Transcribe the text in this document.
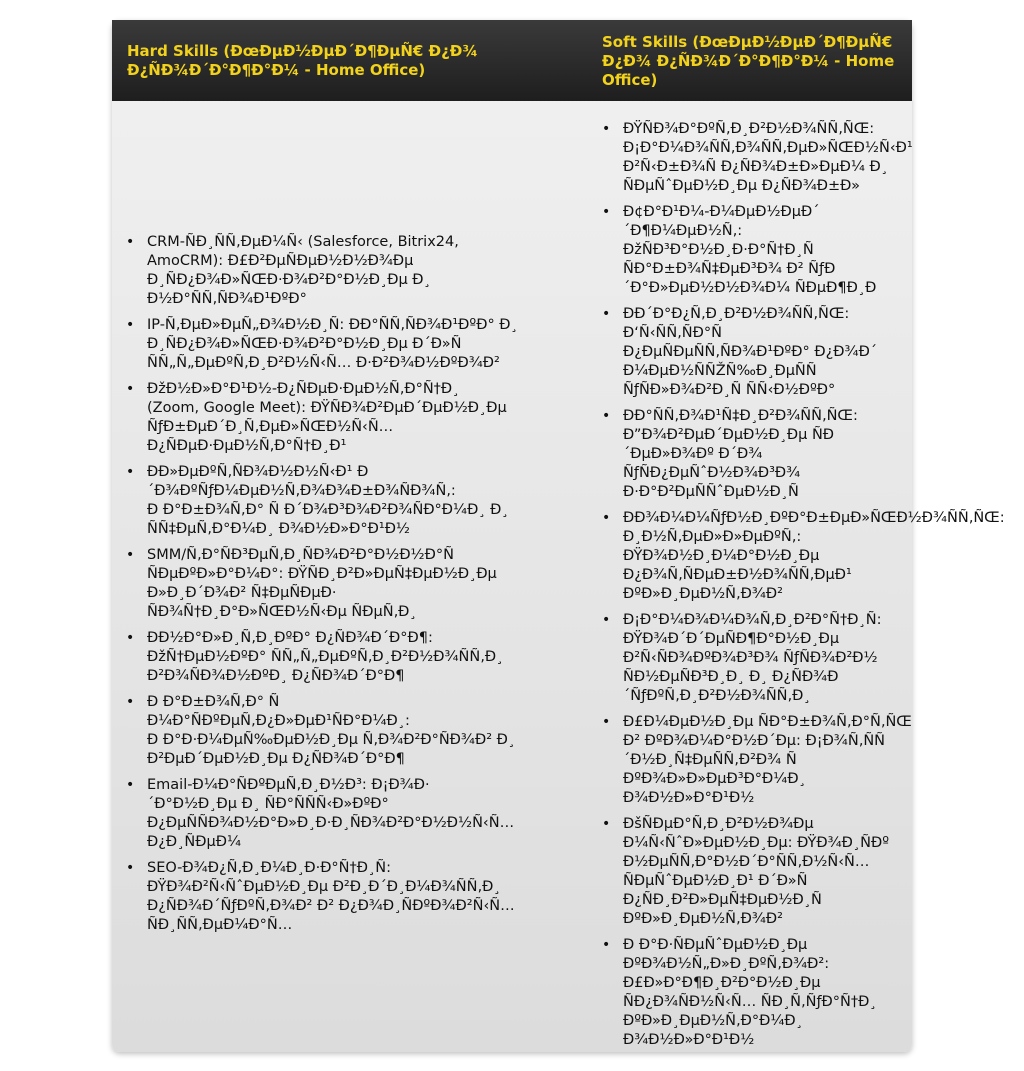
Hard Skills (ÐœÐµÐ½ÐµÐ´Ð¶ÐµÑ€ Ð¿Ð¾
Ð¿ÑÐ¾Ð´Ð°Ð¶Ð°Ð¼ - Home Office)
Soft Skills (ÐœÐµÐ½ÐµÐ´Ð¶ÐµÑ€
Ð¿Ð¾ Ð¿ÑÐ¾Ð´Ð°Ð¶Ð°Ð¼ - Home
Office)
• CRM-ÑÐ¸ÑÑ‚ÐµÐ¼Ñ‹ (Salesforce, Bitrix24,
AmoCRM): Ð£Ð²ÐµÑÐµÐ½Ð½Ð¾Ðµ
Ð¸ÑÐ¿Ð¾Ð»ÑŒÐ·Ð¾Ð²Ð°Ð½Ð¸Ðµ Ð¸
Ð½Ð°ÑÑ‚ÑÐ¾Ð¹ÐºÐ°
• IP-Ñ‚ÐµÐ»ÐµÑ„Ð¾Ð½Ð¸Ñ: ÐÐ°ÑÑ‚ÑÐ¾Ð¹ÐºÐ° Ð¸
Ð¸ÑÐ¿Ð¾Ð»ÑŒÐ·Ð¾Ð²Ð°Ð½Ð¸Ðµ Ð´Ð»Ñ
ÑÑ„Ñ„ÐµÐºÑ‚Ð¸Ð²Ð½Ñ‹Ñ… Ð·Ð²Ð¾Ð½ÐºÐ¾Ð²
• ÐžÐ½Ð»Ð°Ð¹Ð½-Ð¿ÑÐµÐ·ÐµÐ½Ñ‚Ð°Ñ†Ð¸
(Zoom, Google Meet): ÐŸÑÐ¾Ð²ÐµÐ´ÐµÐ½Ð¸Ðµ
ÑƒÐ±ÐµÐ´Ð¸Ñ‚ÐµÐ»ÑŒÐ½Ñ‹Ñ…
Ð¿ÑÐµÐ·ÐµÐ½Ñ‚Ð°Ñ†Ð¸Ð¹
• ÐÐ»ÐµÐºÑ‚ÑÐ¾Ð½Ð½Ñ‹Ð¹ Ð
´Ð¾ÐºÑƒÐ¼ÐµÐ½Ñ‚Ð¾Ð¾Ð±Ð¾ÑÐ¾Ñ‚:
Ð Ð°Ð±Ð¾Ñ‚Ð° Ñ Ð´Ð¾Ð³Ð¾Ð²Ð¾ÑÐ°Ð¼Ð¸ Ð¸
ÑÑ‡ÐµÑ‚Ð°Ð¼Ð¸ Ð¾Ð½Ð»Ð°Ð¹Ð½
• SMM/Ñ‚Ð°ÑÐ³ÐµÑ‚Ð¸ÑÐ¾Ð²Ð°Ð½Ð½Ð°Ñ
ÑÐµÐºÐ»Ð°Ð¼Ð°: ÐŸÑÐ¸Ð²Ð»ÐµÑ‡ÐµÐ½Ð¸Ðµ
Ð»Ð¸Ð´Ð¾Ð² Ñ‡ÐµÑÐµÐ·
ÑÐ¾Ñ†Ð¸Ð°Ð»ÑŒÐ½Ñ‹Ðµ ÑÐµÑ‚Ð¸
• ÐÐ½Ð°Ð»Ð¸Ñ‚Ð¸ÐºÐ° Ð¿ÑÐ¾Ð´Ð°Ð¶:
ÐžÑ†ÐµÐ½ÐºÐ° ÑÑ„Ñ„ÐµÐºÑ‚Ð¸Ð²Ð½Ð¾ÑÑ‚Ð¸
Ð²Ð¾ÑÐ¾Ð½ÐºÐ¸ Ð¿ÑÐ¾Ð´Ð°Ð¶
• Ð Ð°Ð±Ð¾Ñ‚Ð° Ñ
Ð¼Ð°ÑÐºÐµÑ‚Ð¿Ð»ÐµÐ¹ÑÐ°Ð¼Ð¸:
Ð Ð°Ð·Ð¼ÐµÑ‰ÐµÐ½Ð¸Ðµ Ñ‚Ð¾Ð²Ð°ÑÐ¾Ð² Ð¸
Ð²ÐµÐ´ÐµÐ½Ð¸Ðµ Ð¿ÑÐ¾Ð´Ð°Ð¶
• Email-Ð¼Ð°ÑÐºÐµÑ‚Ð¸Ð½Ð³: Ð¡Ð¾Ð·
´Ð°Ð½Ð¸Ðµ Ð¸ ÑÐ°ÑÑÑ‹Ð»ÐºÐ°
Ð¿ÐµÑÑÐ¾Ð½Ð°Ð»Ð¸Ð·Ð¸ÑÐ¾Ð²Ð°Ð½Ð½Ñ‹Ñ…
Ð¿Ð¸ÑÐµÐ¼
• SEO-Ð¾Ð¿Ñ‚Ð¸Ð¼Ð¸Ð·Ð°Ñ†Ð¸Ñ:
ÐŸÐ¾Ð²Ñ‹ÑˆÐµÐ½Ð¸Ðµ Ð²Ð¸Ð´Ð¸Ð¼Ð¾ÑÑ‚Ð¸
Ð¿ÑÐ¾Ð´ÑƒÐºÑ‚Ð¾Ð² Ð² Ð¿Ð¾Ð¸ÑÐºÐ¾Ð²Ñ‹Ñ…
ÑÐ¸ÑÑ‚ÐµÐ¼Ð°Ñ…
• ÐŸÑÐ¾Ð°ÐºÑ‚Ð¸Ð²Ð½Ð¾ÑÑ‚ÑŒ:
Ð¡Ð°Ð¼Ð¾ÑÑ‚Ð¾ÑÑ‚ÐµÐ»ÑŒÐ½Ñ‹Ð¹
Ð²Ñ‹Ð±Ð¾Ñ Ð¿ÑÐ¾Ð±Ð»ÐµÐ¼ Ð¸
ÑÐµÑˆÐµÐ½Ð¸Ðµ Ð¿ÑÐ¾Ð±Ð»
• Ð¢Ð°Ð¹Ð¼-Ð¼ÐµÐ½ÐµÐ´
´Ð¶Ð¼ÐµÐ½Ñ‚:
ÐžÑÐ³Ð°Ð½Ð¸Ð·Ð°Ñ†Ð¸Ñ
ÑÐ°Ð±Ð¾Ñ‡ÐµÐ³Ð¾ Ð² ÑƒÐ
´Ð°Ð»ÐµÐ½Ð½Ð¾Ð¼ ÑÐµÐ¶Ð¸Ð
• ÐÐ´Ð°Ð¿Ñ‚Ð¸Ð²Ð½Ð¾ÑÑ‚ÑŒ:
Ð‘Ñ‹ÑÑ‚ÑÐ°Ñ
Ð¿ÐµÑÐµÑÑ‚ÑÐ¾Ð¹ÐºÐ° Ð¿Ð¾Ð´
Ð¼ÐµÐ½ÑÑŽÑ‰Ð¸ÐµÑÑ
ÑƒÑÐ»Ð¾Ð²Ð¸Ñ ÑÑ‹Ð½ÐºÐ°
• ÐÐ°ÑÑ‚Ð¾Ð¹Ñ‡Ð¸Ð²Ð¾ÑÑ‚ÑŒ:
Ð”Ð¾Ð²ÐµÐ´ÐµÐ½Ð¸Ðµ ÑÐ
´ÐµÐ»Ð¾Ðº Ð´Ð¾
ÑƒÑÐ¿ÐµÑˆÐ½Ð¾Ð³Ð¾
Ð·Ð°Ð²ÐµÑÑˆÐµÐ½Ð¸Ñ
• ÐÐ¾Ð¼Ð¼ÑƒÐ½Ð¸ÐºÐ°Ð±ÐµÐ»ÑŒÐ½Ð¾ÑÑ‚ÑŒ:
Ð¸Ð½Ñ‚ÐµÐ»Ð»ÐµÐºÑ‚:
ÐŸÐ¾Ð½Ð¸Ð¼Ð°Ð½Ð¸Ðµ
Ð¿Ð¾Ñ‚ÑÐµÐ±Ð½Ð¾ÑÑ‚ÐµÐ¹
ÐºÐ»Ð¸ÐµÐ½Ñ‚Ð¾Ð²
• Ð¡Ð°Ð¼Ð¾Ð¼Ð¾Ñ‚Ð¸Ð²Ð°Ñ†Ð¸Ñ:
ÐŸÐ¾Ð´Ð´ÐµÑÐ¶Ð°Ð½Ð¸Ðµ
Ð²Ñ‹ÑÐ¾ÐºÐ¾Ð³Ð¾ ÑƒÑÐ¾Ð²Ð½
ÑÐ½ÐµÑÐ³Ð¸Ð¸ Ð¸ Ð¿ÑÐ¾Ð
´ÑƒÐºÑ‚Ð¸Ð²Ð½Ð¾ÑÑ‚Ð¸
• Ð£Ð¼ÐµÐ½Ð¸Ðµ ÑÐ°Ð±Ð¾Ñ‚Ð°Ñ‚ÑŒ
Ð² ÐºÐ¾Ð¼Ð°Ð½Ð´Ðµ: Ð¡Ð¾Ñ‚ÑÑ
´Ð½Ð¸Ñ‡ÐµÑÑ‚Ð²Ð¾ Ñ
ÐºÐ¾Ð»Ð»ÐµÐ³Ð°Ð¼Ð¸
Ð¾Ð½Ð»Ð°Ð¹Ð½
• ÐšÑÐµÐ°Ñ‚Ð¸Ð²Ð½Ð¾Ðµ
Ð¼Ñ‹ÑˆÐ»ÐµÐ½Ð¸Ðµ: ÐŸÐ¾Ð¸ÑÐº
Ð½ÐµÑÑ‚Ð°Ð½Ð´Ð°ÑÑ‚Ð½Ñ‹Ñ…
ÑÐµÑˆÐµÐ½Ð¸Ð¹ Ð´Ð»Ñ
Ð¿ÑÐ¸Ð²Ð»ÐµÑ‡ÐµÐ½Ð¸Ñ
ÐºÐ»Ð¸ÐµÐ½Ñ‚Ð¾Ð²
• Ð Ð°Ð·ÑÐµÑˆÐµÐ½Ð¸Ðµ
ÐºÐ¾Ð½Ñ„Ð»Ð¸ÐºÑ‚Ð¾Ð²:
Ð£Ð»Ð°Ð¶Ð¸Ð²Ð°Ð½Ð¸Ðµ
ÑÐ¿Ð¾ÑÐ½Ñ‹Ñ… ÑÐ¸Ñ‚ÑƒÐ°Ñ†Ð¸
ÐºÐ»Ð¸ÐµÐ½Ñ‚Ð°Ð¼Ð¸
Ð¾Ð½Ð»Ð°Ð¹Ð½
